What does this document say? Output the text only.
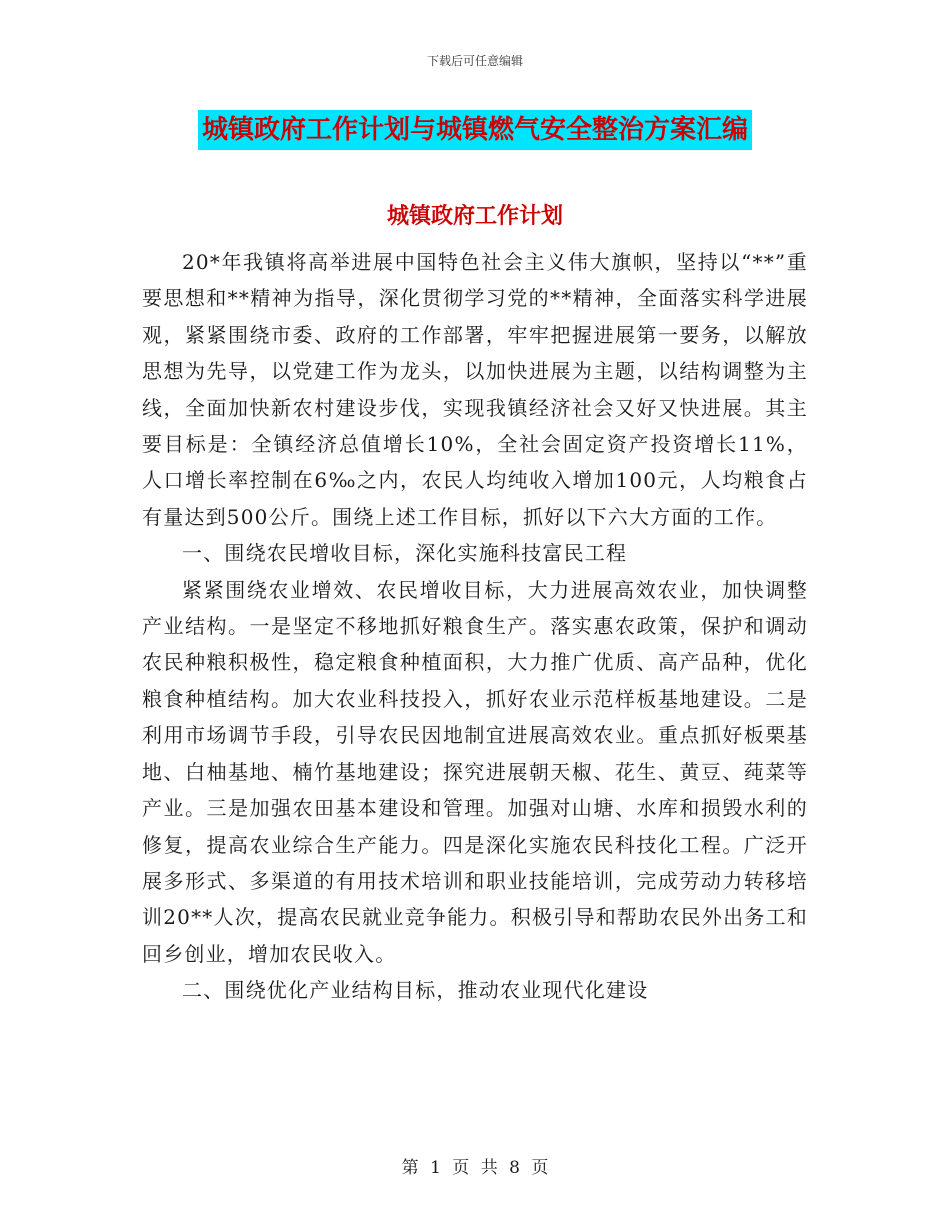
下载后可任意编辑
城镇政府工作计划与城镇燃气安全整治方案汇编
城镇政府工作计划

20*年我镇将高举进展中国特色社会主义伟大旗帜，坚持以“**”重要思想和**精神为指导，深化贯彻学习党的**精神，全面落实科学进展观，紧紧围绕市委、政府的工作部署，牢牢把握进展第一要务，以解放思想为先导，以党建工作为龙头，以加快进展为主题，以结构调整为主线，全面加快新农村建设步伐，实现我镇经济社会又好又快进展。其主要目标是：全镇经济总值增长10%，全社会固定资产投资增长11%，人口增长率控制在6‰之内，农民人均纯收入增加100元，人均粮食占有量达到500公斤。围绕上述工作目标，抓好以下六大方面的工作。

一、围绕农民增收目标，深化实施科技富民工程

紧紧围绕农业增效、农民增收目标，大力进展高效农业，加快调整产业结构。一是坚定不移地抓好粮食生产。落实惠农政策，保护和调动农民种粮积极性，稳定粮食种植面积，大力推广优质、高产品种，优化粮食种植结构。加大农业科技投入，抓好农业示范样板基地建设。二是利用市场调节手段，引导农民因地制宜进展高效农业。重点抓好板栗基地、白柚基地、楠竹基地建设；探究进展朝天椒、花生、黄豆、莼菜等产业。三是加强农田基本建设和管理。加强对山塘、水库和损毁水利的修复，提高农业综合生产能力。四是深化实施农民科技化工程。广泛开展多形式、多渠道的有用技术培训和职业技能培训，完成劳动力转移培训20**人次，提高农民就业竞争能力。积极引导和帮助农民外出务工和回乡创业，增加农民收入。

二、围绕优化产业结构目标，推动农业现代化建设

第 1 页 共 8 页
